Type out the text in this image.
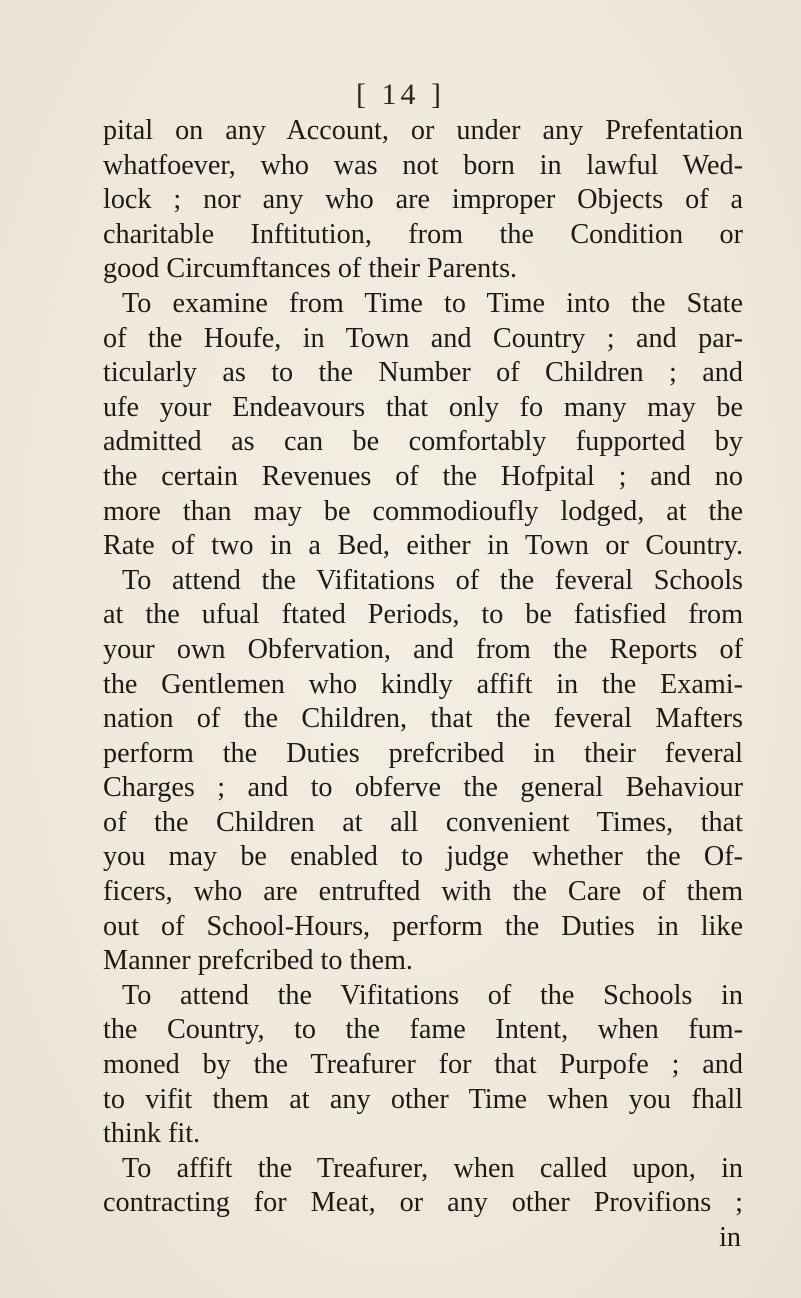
[ 14 ]
pital on any Account, or under any Prefentation
whatfoever, who was not born in lawful Wed-
lock ; nor any who are improper Objects of a
charitable Inftitution, from the Condition or
good Circumftances of their Parents.
To examine from Time to Time into the State
of the Houfe, in Town and Country ; and par-
ticularly as to the Number of Children ; and
ufe your Endeavours that only fo many may be
admitted as can be comfortably fupported by
the certain Revenues of the Hofpital ; and no
more than may be commodioufly lodged, at the
Rate of two in a Bed, either in Town or Country.
To attend the Vifitations of the feveral Schools
at the ufual ftated Periods, to be fatisfied from
your own Obfervation, and from the Reports of
the Gentlemen who kindly affift in the Exami-
nation of the Children, that the feveral Mafters
perform the Duties prefcribed in their feveral
Charges ; and to obferve the general Behaviour
of the Children at all convenient Times, that
you may be enabled to judge whether the Of-
ficers, who are entrufted with the Care of them
out of School-Hours, perform the Duties in like
Manner prefcribed to them.
To attend the Vifitations of the Schools in
the Country, to the fame Intent, when fum-
moned by the Treafurer for that Purpofe ; and
to vifit them at any other Time when you fhall
think fit.
To affift the Treafurer, when called upon, in
contracting for Meat, or any other Provifions ;
in
